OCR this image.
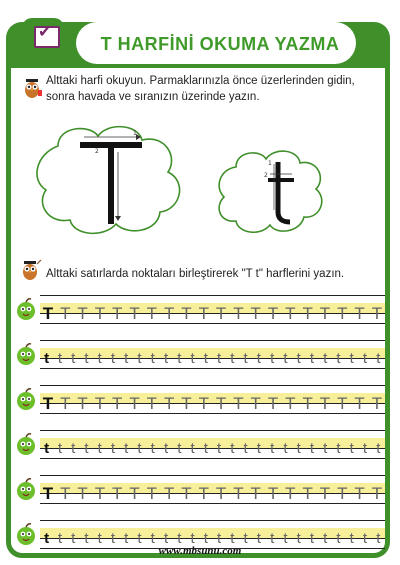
✔
T HARFİNİ OKUMA YAZMA
Alttaki harfi okuyun. Parmaklarınızla önce üzerlerinden gidin, sonra havada ve sıranızın üzerinde yazın.
2
1
1
2
Alttaki satırlarda noktaları birleştirerek "T t" harflerini yazın.
T T T T T T T T T T T T T T T T T T T T
t t t t t t t t t t t t t t t t t t t t t t t t t t
T T T T T T T T T T T T T T T T T T T T
t t t t t t t t t t t t t t t t t t t t t t t t t t
T T T T T T T T T T T T T T T T T T T T
t t t t t t t t t t t t t t t t t t t t t t t t t t
www.mbsunu.com
